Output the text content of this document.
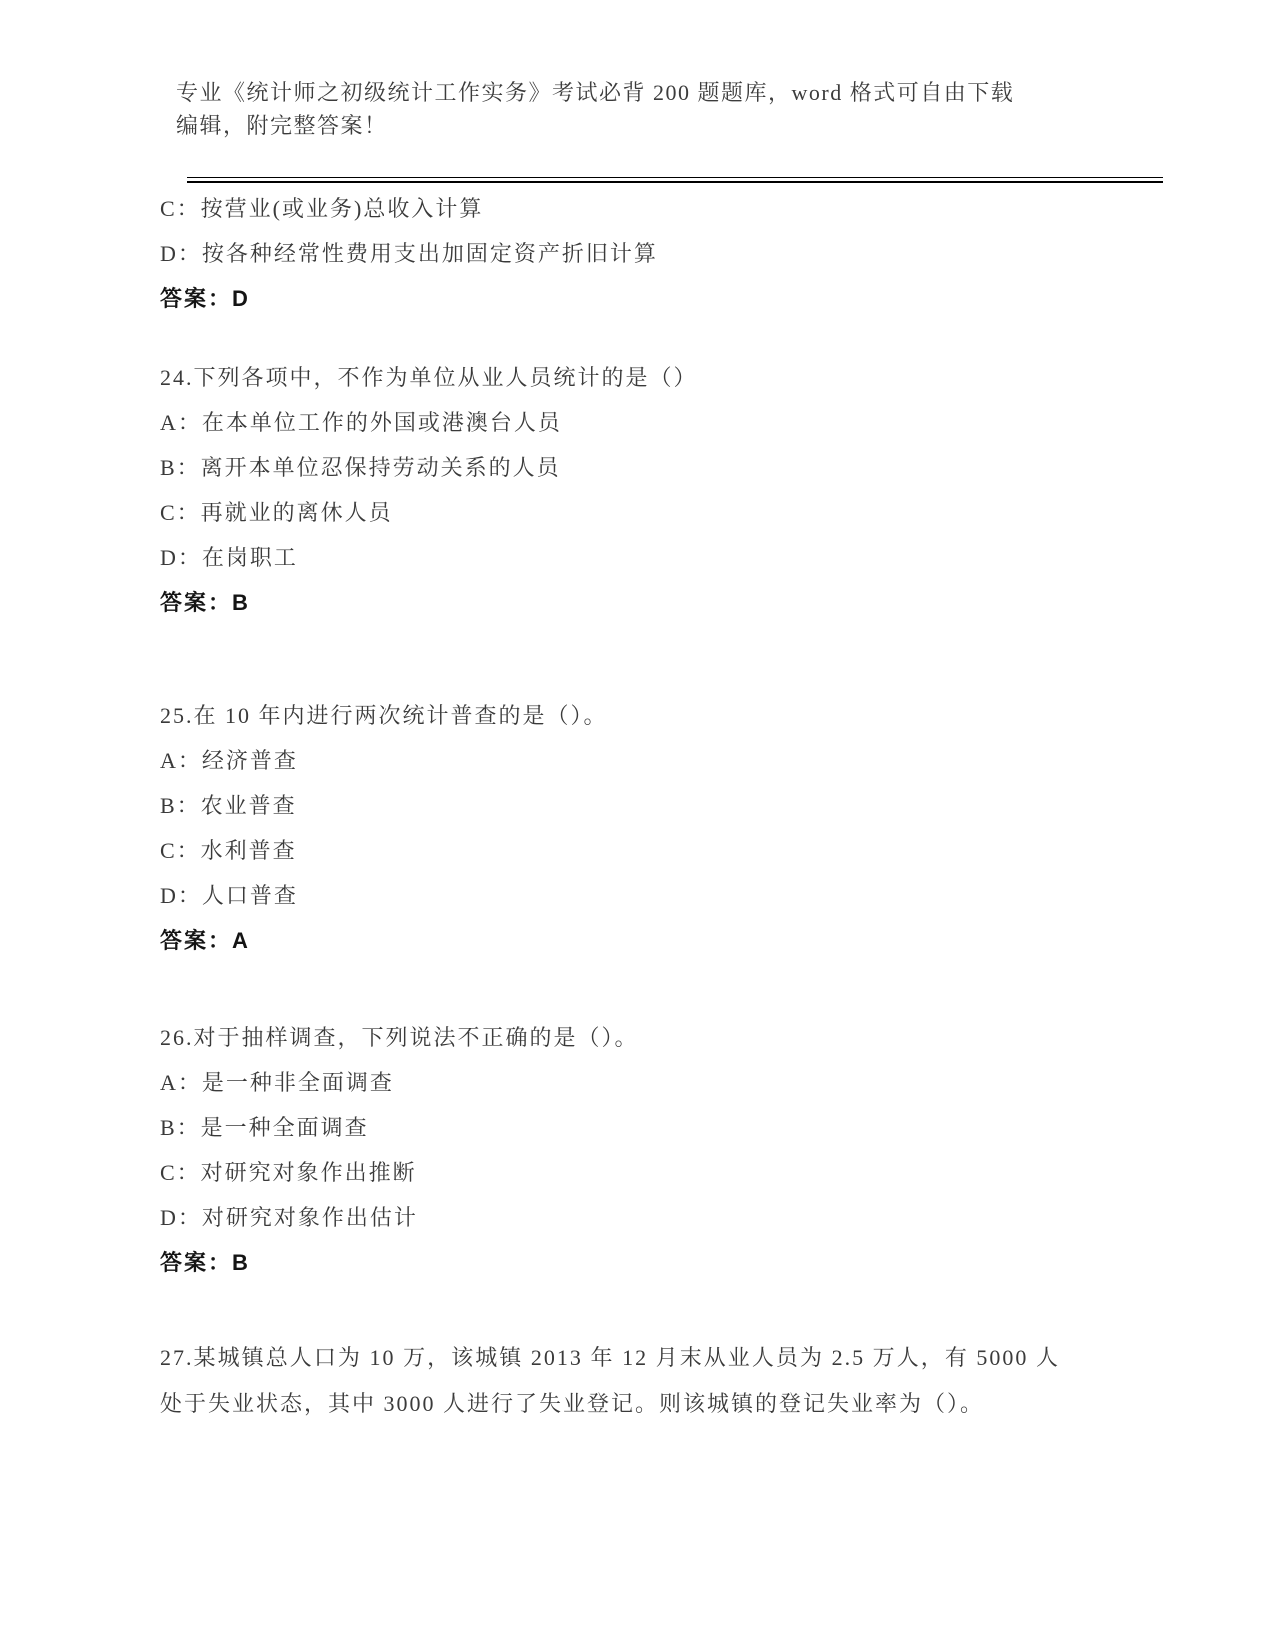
专业《统计师之初级统计工作实务》考试必背 200 题题库，word 格式可自由下载
编辑，附完整答案！

C：按营业(或业务)总收入计算

D：按各种经常性费用支出加固定资产折旧计算

答案：D

24.下列各项中，不作为单位从业人员统计的是（）

A：在本单位工作的外国或港澳台人员

B：离开本单位忍保持劳动关系的人员

C：再就业的离休人员

D：在岗职工

答案：B

25.在 10 年内进行两次统计普查的是（）。

A：经济普查

B：农业普查

C：水利普查

D：人口普查

答案：A

26.对于抽样调查，下列说法不正确的是（）。

A：是一种非全面调查

B：是一种全面调查

C：对研究对象作出推断

D：对研究对象作出估计

答案：B

27.某城镇总人口为 10 万，该城镇 2013 年 12 月末从业人员为 2.5 万人，有 5000 人处于失业状态，其中 3000 人进行了失业登记。则该城镇的登记失业率为（）。
